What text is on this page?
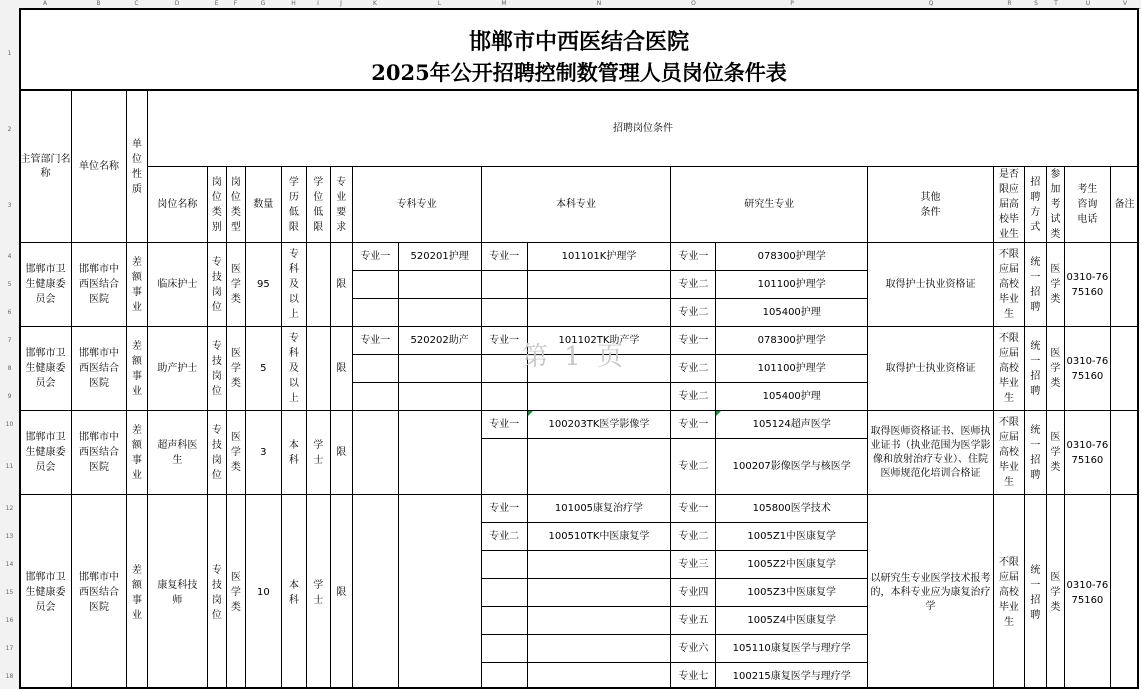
A	B	C	D	E	F	G	H	I	J	K	L	M	N	O	P	Q	R	S	T	U	V
1
2
3
4
5
6
7
8
9
10
11
12
13
14
15
16
17
18
邯郸市中西医结合医院
2025年公开招聘控制数管理人员岗位条件表
主管部门名称	单位名称	单位性质	招聘岗位条件																		
			岗位名称	岗位类别	岗位类型	数量	学历低限	学位低限	专业要求	专科专业		本科专业		研究生专业		其他条件	是否限应届高校毕业生	招聘方式	参加考试类	考生咨询电话	备注
邯郸市卫生健康委员会	邯郸市中西医结合医院	差额事业	临床护士	专技岗位	医学类	95	专科及以上		限	专业一	520201护理	专业一	101101K护理学	专业一	078300护理学	取得护士执业资格证	不限应届高校毕业生	统一招聘	医学类	0310-7675160	
														专业二	101100护理学						
														专业二	105400护理						
邯郸市卫生健康委员会	邯郸市中西医结合医院	差额事业	助产护士	专技岗位	医学类	5	专科及以上		限	专业一	520202助产	专业一	101102TK助产学	专业一	078300护理学	取得护士执业资格证	不限应届高校毕业生	统一招聘	医学类	0310-7675160	
														专业二	101100护理学						
														专业二	105400护理						
邯郸市卫生健康委员会	邯郸市中西医结合医院	差额事业	超声科医生	专技岗位	医学类	3	本科	学士	限			专业一	100203TK医学影像学	专业一	105124超声医学	取得医师资格证书、医师执业证书（执业范围为医学影像和放射治疗专业）、住院医师规范化培训合格证	不限应届高校毕业生	统一招聘	医学类	0310-7675160	
														专业二	100207影像医学与核医学						
邯郸市卫生健康委员会	邯郸市中西医结合医院	差额事业	康复科技师	专技岗位	医学类	10	本科	学士	限			专业一	101005康复治疗学	专业一	105800医学技术	以研究生专业医学技术报考的，本科专业应为康复治疗学	不限应届高校毕业生	统一招聘	医学类	0310-7675160	
												专业二	100510TK中医康复学	专业二	1005Z1中医康复学						
														专业三	1005Z2中医康复学						
														专业四	1005Z3中医康复学						
														专业五	1005Z4中医康复学						
														专业六	105110康复医学与理疗学						
														专业七	100215康复医学与理疗学						
第 1 页
